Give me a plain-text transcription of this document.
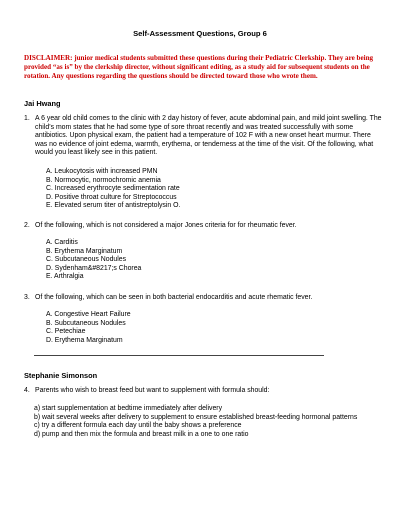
Self-Assessment Questions, Group 6
DISCLAIMER: junior medical students submitted these questions during their Pediatric Clerkship. They are being provided “as is” by the clerkship director, without significant editing, as a study aid for subsequent students on the rotation. Any questions regarding the questions should be directed toward those who wrote them.
Jai Hwang
1. A 6 year old child comes to the clinic with 2 day history of fever, acute abdominal pain, and mild joint swelling. The child’s mom states that he had some type of sore throat recently and was treated successfully with some antibiotics. Upon physical exam, the patient had a temperature of 102 F with a new onset heart murmur. There was no evidence of joint edema, warmth, erythema, or tenderness at the time of the visit. Of the following, what would you least likely see in this patient.
A. Leukocytosis with increased PMN
B. Normocytic, normochromic anemia
C. Increased erythrocyte sedimentation rate
D. Positive throat culture for Streptococcus
E. Elevated serum titer of antistreptolysin O.
2. Of the following, which is not considered a major Jones criteria for for rheumatic fever.
A. Carditis
B. Erythema Marginatum
C. Subcutaneous Nodules
D. Sydenham&#8217;s Chorea
E. Arthralgia
3. Of the following, which can be seen in both bacterial endocarditis and acute rhematic fever.
A. Congestive Heart Failure
B. Subcutaneous Nodules
C. Petechiae
D. Erythema Marginatum
Stephanie Simonson
4. Parents who wish to breast feed but want to supplement with formula should:
a) start supplementation at bedtime immediately after delivery
b) wait several weeks after delivery to supplement to ensure established breast-feeding hormonal patterns
c) try a different formula each day until the baby shows a preference
d) pump and then mix the formula and breast milk in a one to one ratio
